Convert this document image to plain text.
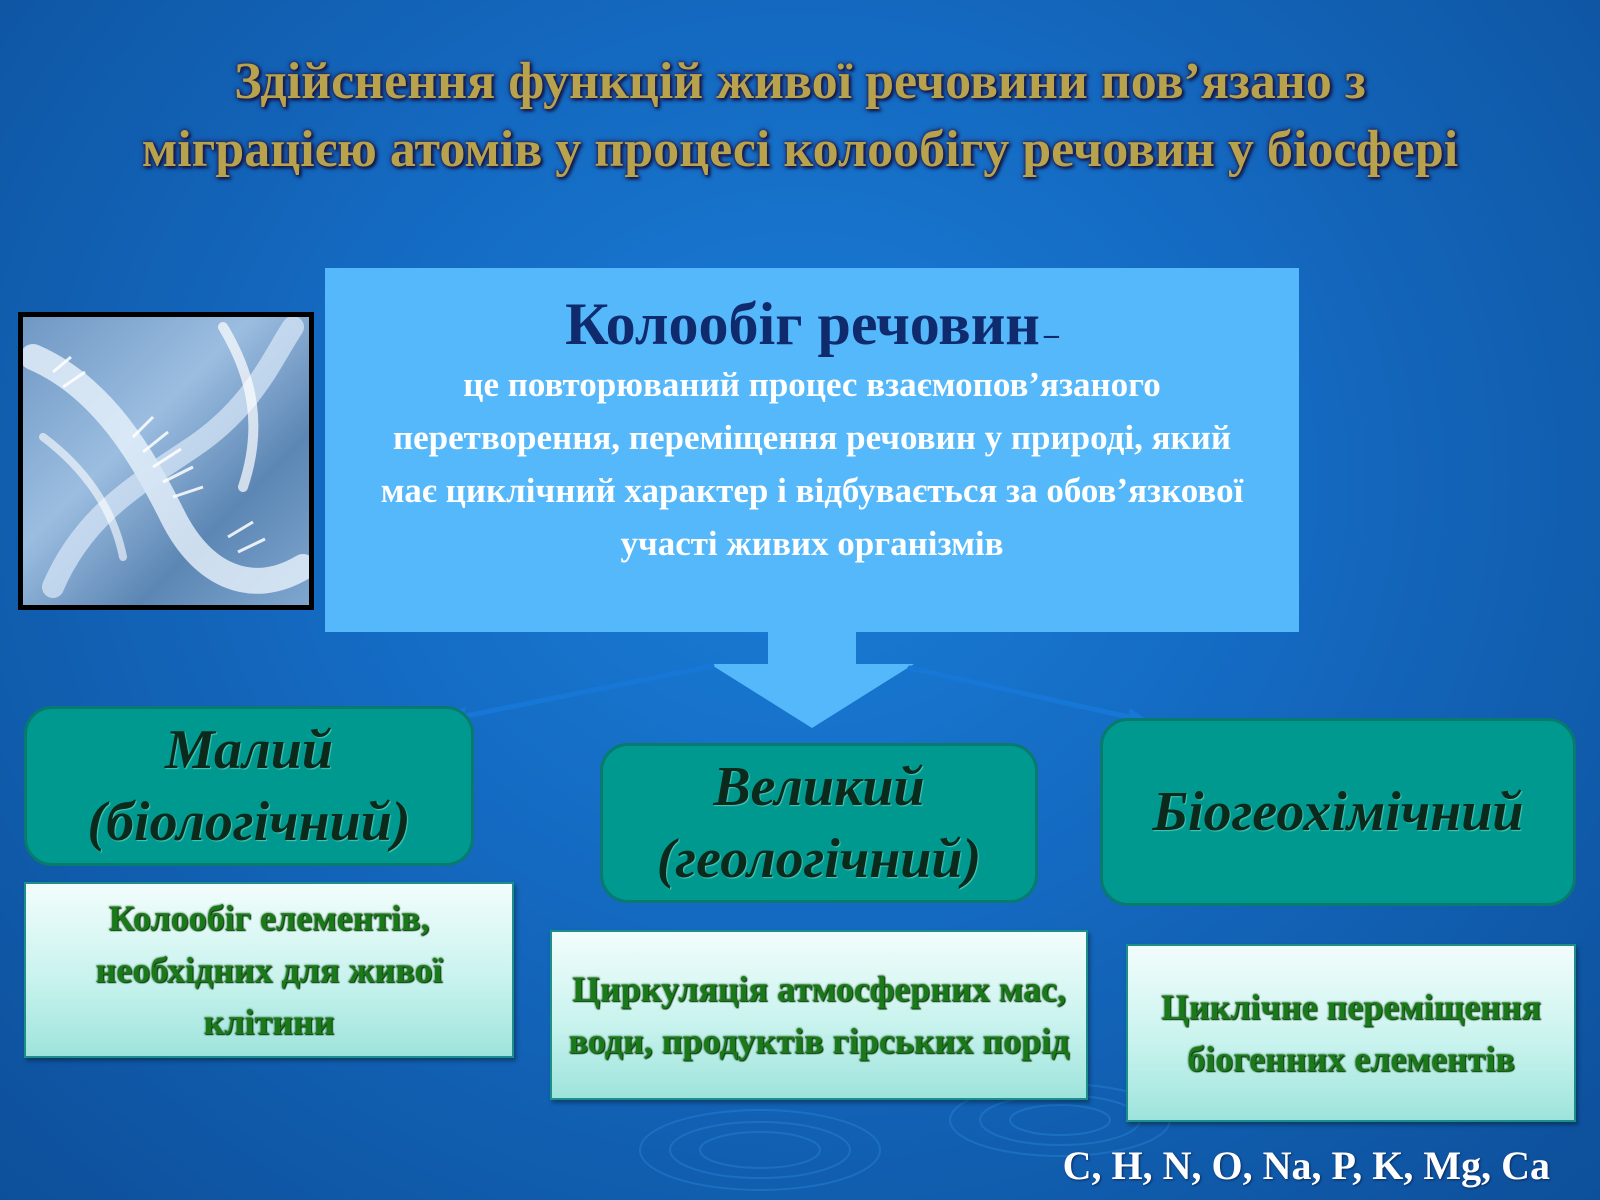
Здійснення функцій живої речовини пов’язано з міграцією атомів у процесі колообігу речовин у біосфері
Колообіг речовин –
це повторюваний процес взаємопов’язаного перетворення, переміщення речовин у природі, який має циклічний характер і відбувається за обов’язкової участі живих організмів
Малий (біологічний)
Великий (геологічний)
Біогеохімічний
Колообіг елементів, необхідних для живої клітини
Циркуляція атмосферних мас, води, продуктів гірських порід
Циклічне переміщення біогенних елементів
C, H, N, O, Na, P, K, Mg, Ca
